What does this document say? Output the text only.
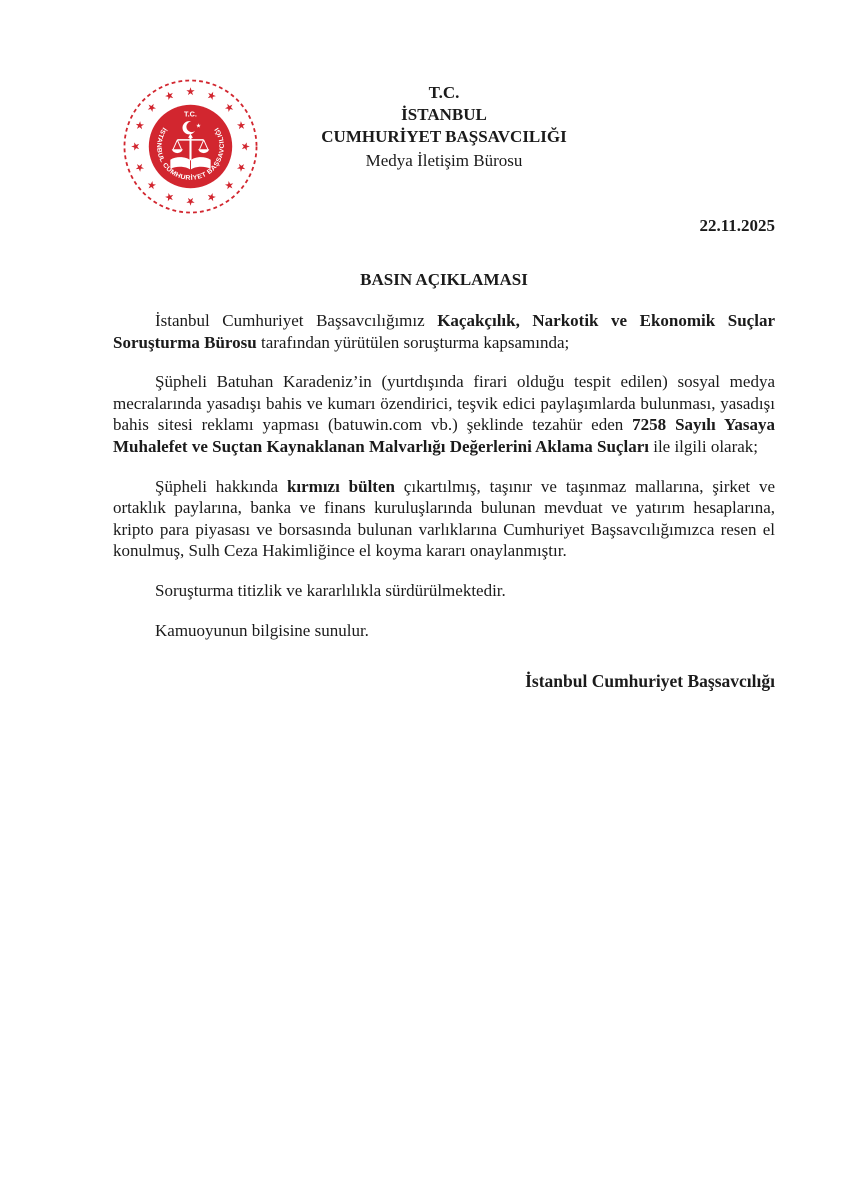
T.C.
İSTANBUL CUMHURİYET BAŞSAVCILIĞI
T.C.
İSTANBUL
CUMHURİYET BAŞSAVCILIĞI
Medya İletişim Bürosu
22.11.2025
BASIN AÇIKLAMASI

İstanbul Cumhuriyet Başsavcılığımız Kaçakçılık, Narkotik ve Ekonomik Suçlar Soruşturma Bürosu tarafından yürütülen soruşturma kapsamında;

Şüpheli Batuhan Karadeniz’in (yurtdışında firari olduğu tespit edilen) sosyal medya mecralarında yasadışı bahis ve kumarı özendirici, teşvik edici paylaşımlarda bulunması, yasadışı bahis sitesi reklamı yapması (batuwin.com vb.) şeklinde tezahür eden 7258 Sayılı Yasaya Muhalefet ve Suçtan Kaynaklanan Malvarlığı Değerlerini Aklama Suçları ile ilgili olarak;

Şüpheli hakkında kırmızı bülten çıkartılmış, taşınır ve taşınmaz mallarına, şirket ve ortaklık paylarına, banka ve finans kuruluşlarında bulunan mevduat ve yatırım hesaplarına, kripto para piyasası ve borsasında bulunan varlıklarına Cumhuriyet Başsavcılığımızca resen el konulmuş, Sulh Ceza Hakimliğince el koyma kararı onaylanmıştır.

Soruşturma titizlik ve kararlılıkla sürdürülmektedir.

Kamuoyunun bilgisine sunulur.

İstanbul Cumhuriyet Başsavcılığı
